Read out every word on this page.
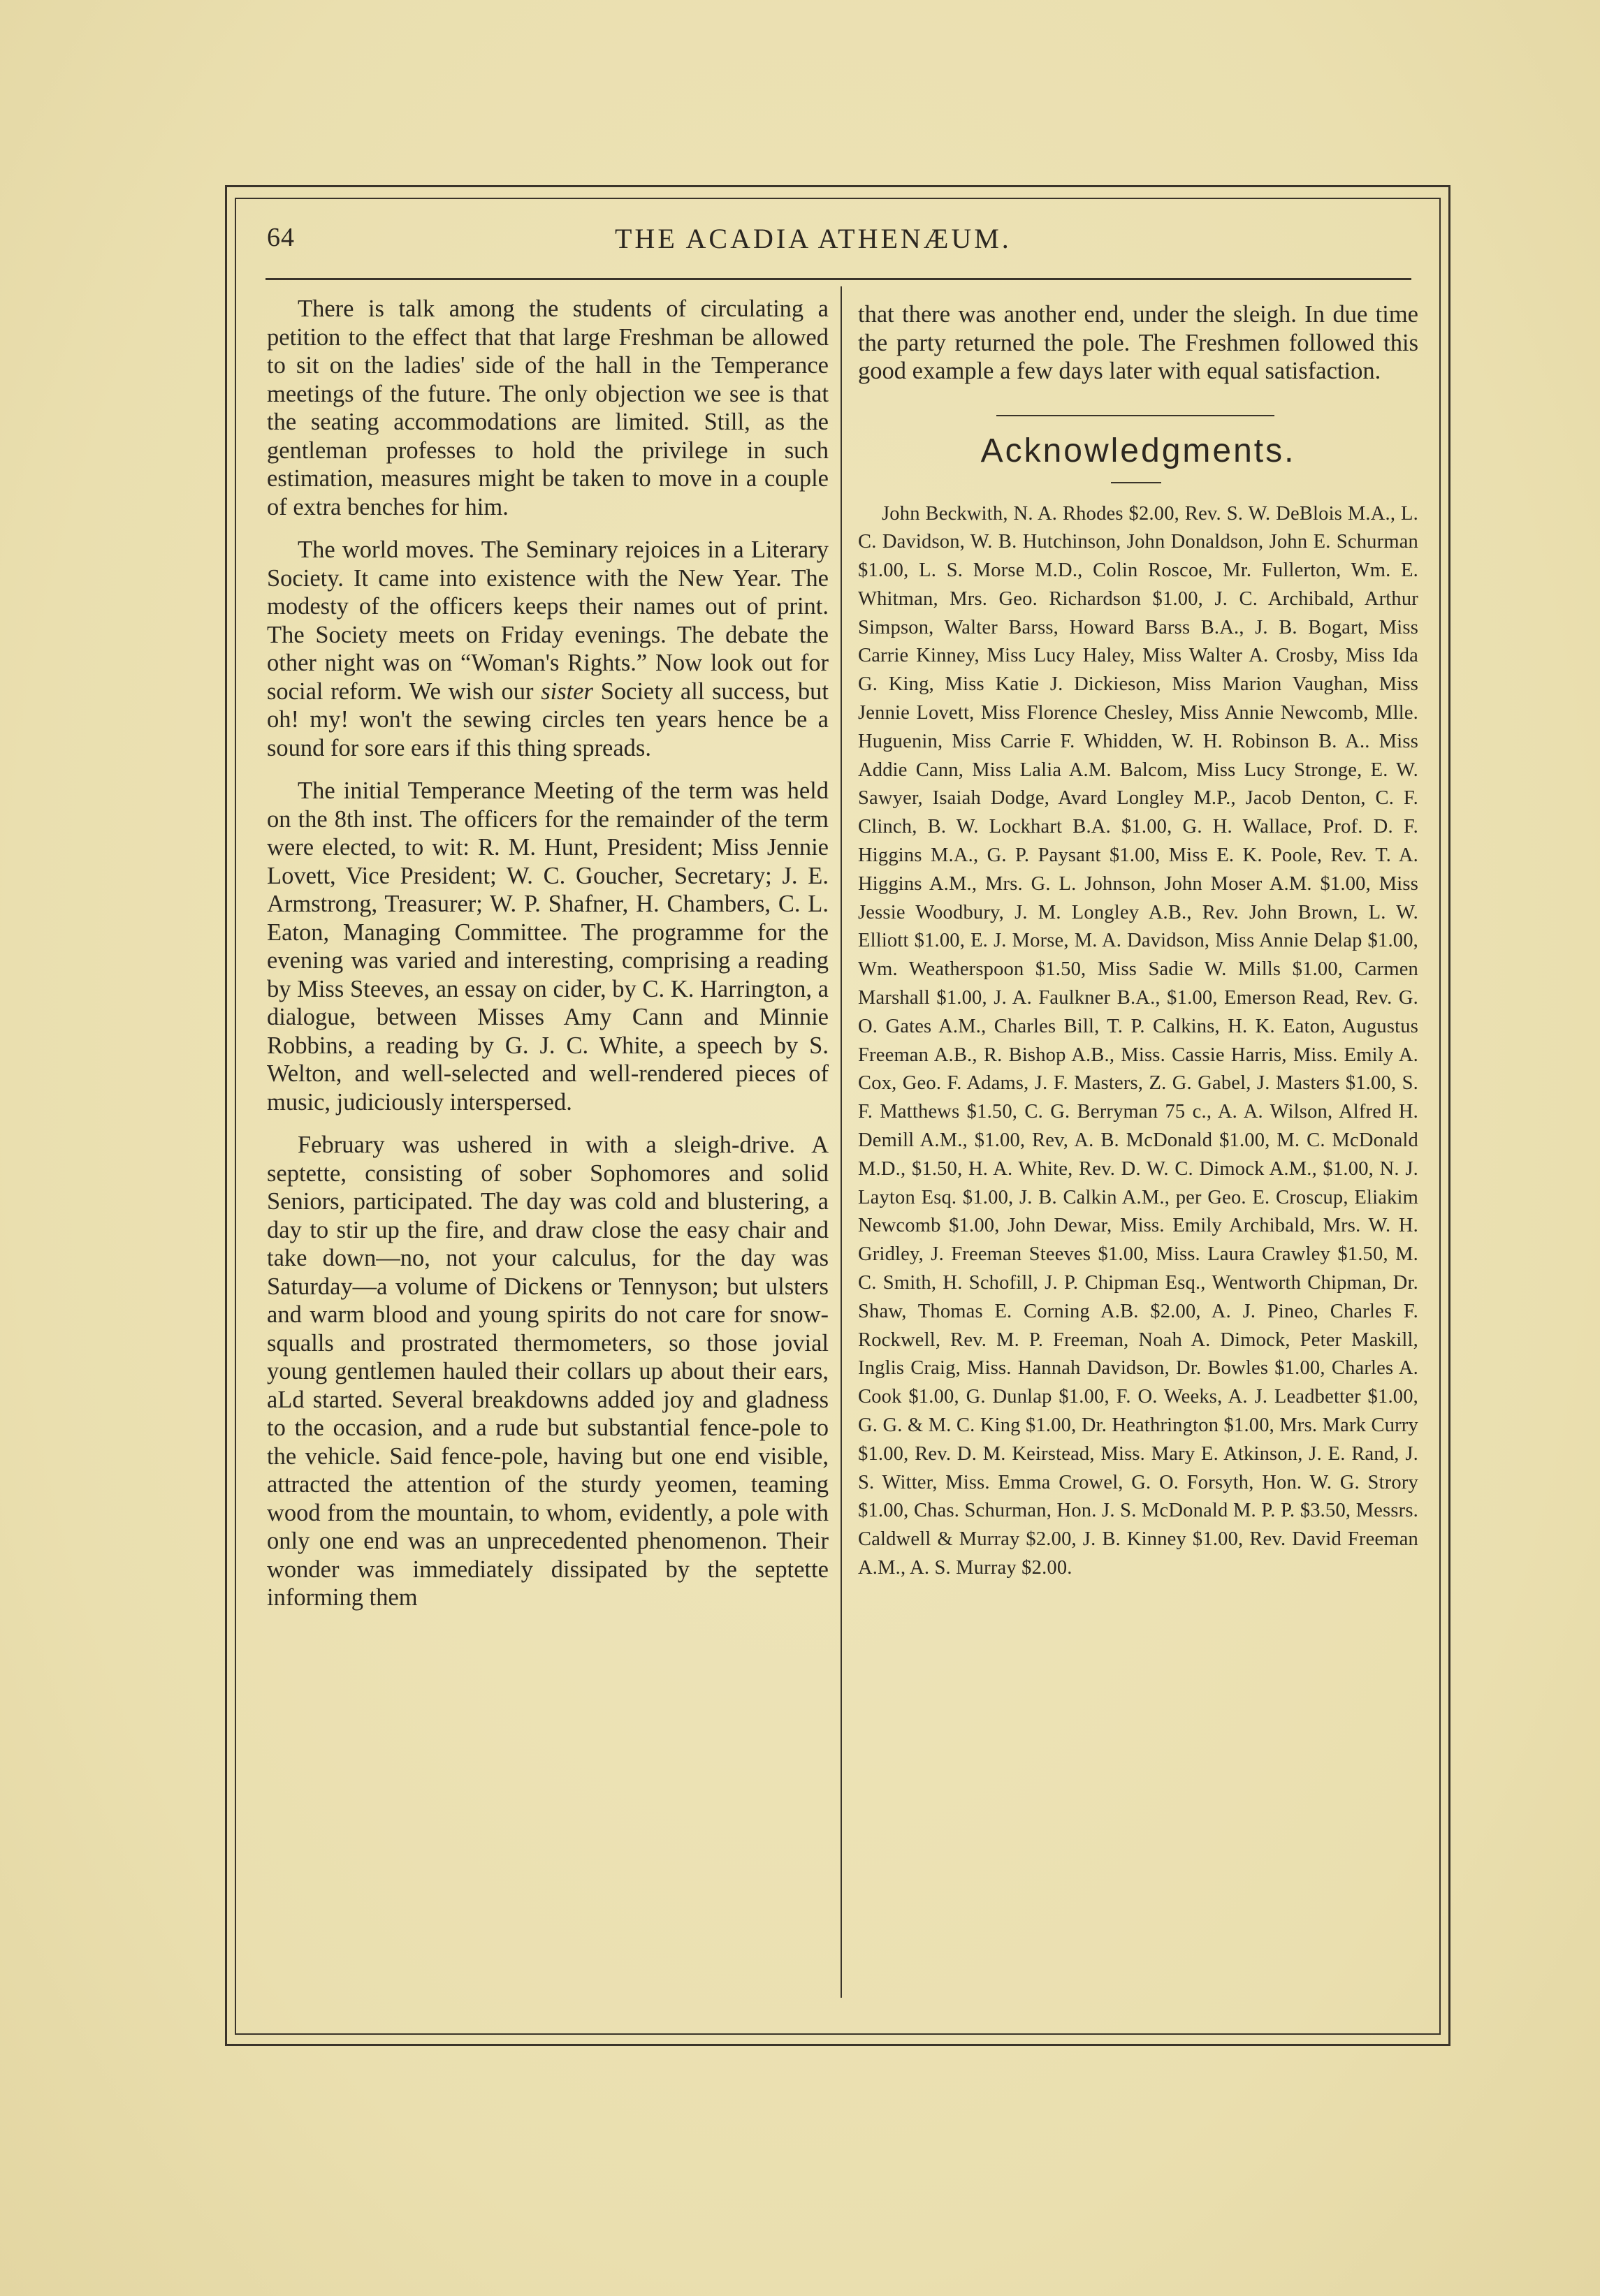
64	THE ACADIA ATHENÆUM.

There is talk among the students of circulating a petition to the effect that that large Freshman be allowed to sit on the ladies' side of the hall in the Temperance meetings of the future. The only objection we see is that the seating accommodations are limited. Still, as the gentleman professes to hold the privilege in such estimation, measures might be taken to move in a couple of extra benches for him.

The world moves. The Seminary rejoices in a Literary Society. It came into existence with the New Year. The modesty of the officers keeps their names out of print. The Society meets on Friday evenings. The debate the other night was on “Woman's Rights.” Now look out for social reform. We wish our sister Society all success, but oh! my! won't the sewing circles ten years hence be a sound for sore ears if this thing spreads.

The initial Temperance Meeting of the term was held on the 8th inst. The officers for the remainder of the term were elected, to wit: R. M. Hunt, President; Miss Jennie Lovett, Vice President; W. C. Goucher, Secretary; J. E. Armstrong, Treasurer; W. P. Shafner, H. Chambers, C. L. Eaton, Managing Committee. The programme for the evening was varied and interesting, comprising a reading by Miss Steeves, an essay on cider, by C. K. Harrington, a dialogue, between Misses Amy Cann and Minnie Robbins, a reading by G. J. C. White, a speech by S. Welton, and well-selected and well-rendered pieces of music, judiciously interspersed.

February was ushered in with a sleigh-drive. A septette, consisting of sober Sophomores and solid Seniors, participated. The day was cold and blustering, a day to stir up the fire, and draw close the easy chair and take down—no, not your calculus, for the day was Saturday—a volume of Dickens or Tennyson; but ulsters and warm blood and young spirits do not care for snow-squalls and prostrated thermometers, so those jovial young gentlemen hauled their collars up about their ears, aLd started. Several breakdowns added joy and gladness to the occasion, and a rude but substantial fence-pole to the vehicle. Said fence-pole, having but one end visible, attracted the attention of the sturdy yeomen, teaming wood from the mountain, to whom, evidently, a pole with only one end was an unprecedented phenomenon. Their wonder was immediately dissipated by the septette informing them

that there was another end, under the sleigh. In due time the party returned the pole. The Freshmen followed this good example a few days later with equal satisfaction.

Acknowledgments.

John Beckwith, N. A. Rhodes $2.00, Rev. S. W. DeBlois M.A., L. C. Davidson, W. B. Hutchinson, John Donaldson, John E. Schurman $1.00, L. S. Morse M.D., Colin Roscoe, Mr. Fullerton, Wm. E. Whitman, Mrs. Geo. Richardson $1.00, J. C. Archibald, Arthur Simpson, Walter Barss, Howard Barss B.A., J. B. Bogart, Miss Carrie Kinney, Miss Lucy Haley, Miss Walter A. Crosby, Miss Ida G. King, Miss Katie J. Dickieson, Miss Marion Vaughan, Miss Jennie Lovett, Miss Florence Chesley, Miss Annie Newcomb, Mlle. Huguenin, Miss Carrie F. Whidden, W. H. Robinson B. A.. Miss Addie Cann, Miss Lalia A.M. Balcom, Miss Lucy Stronge, E. W. Sawyer, Isaiah Dodge, Avard Longley M.P., Jacob Denton, C. F. Clinch, B. W. Lockhart B.A. $1.00, G. H. Wallace, Prof. D. F. Higgins M.A., G. P. Paysant $1.00, Miss E. K. Poole, Rev. T. A. Higgins A.M., Mrs. G. L. Johnson, John Moser A.M. $1.00, Miss Jessie Woodbury, J. M. Longley A.B., Rev. John Brown, L. W. Elliott $1.00, E. J. Morse, M. A. Davidson, Miss Annie Delap $1.00, Wm. Weatherspoon $1.50, Miss Sadie W. Mills $1.00, Carmen Marshall $1.00, J. A. Faulkner B.A., $1.00, Emerson Read, Rev. G. O. Gates A.M., Charles Bill, T. P. Calkins, H. K. Eaton, Augustus Freeman A.B., R. Bishop A.B., Miss. Cassie Harris, Miss. Emily A. Cox, Geo. F. Adams, J. F. Masters, Z. G. Gabel, J. Masters $1.00, S. F. Matthews $1.50, C. G. Berryman 75 c., A. A. Wilson, Alfred H. Demill A.M., $1.00, Rev, A. B. McDonald $1.00, M. C. McDonald M.D., $1.50, H. A. White, Rev. D. W. C. Dimock A.M., $1.00, N. J. Layton Esq. $1.00, J. B. Calkin A.M., per Geo. E. Croscup, Eliakim Newcomb $1.00, John Dewar, Miss. Emily Archibald, Mrs. W. H. Gridley, J. Freeman Steeves $1.00, Miss. Laura Crawley $1.50, M. C. Smith, H. Schofill, J. P. Chipman Esq., Wentworth Chipman, Dr. Shaw, Thomas E. Corning A.B. $2.00, A. J. Pineo, Charles F. Rockwell, Rev. M. P. Freeman, Noah A. Dimock, Peter Maskill, Inglis Craig, Miss. Hannah Davidson, Dr. Bowles $1.00, Charles A. Cook $1.00, G. Dunlap $1.00, F. O. Weeks, A. J. Leadbetter $1.00, G. G. & M. C. King $1.00, Dr. Heathrington $1.00, Mrs. Mark Curry $1.00, Rev. D. M. Keirstead, Miss. Mary E. Atkinson, J. E. Rand, J. S. Witter, Miss. Emma Crowel, G. O. Forsyth, Hon. W. G. Strory $1.00, Chas. Schurman, Hon. J. S. McDonald M. P. P. $3.50, Messrs. Caldwell & Murray $2.00, J. B. Kinney $1.00, Rev. David Freeman A.M., A. S. Murray $2.00.
